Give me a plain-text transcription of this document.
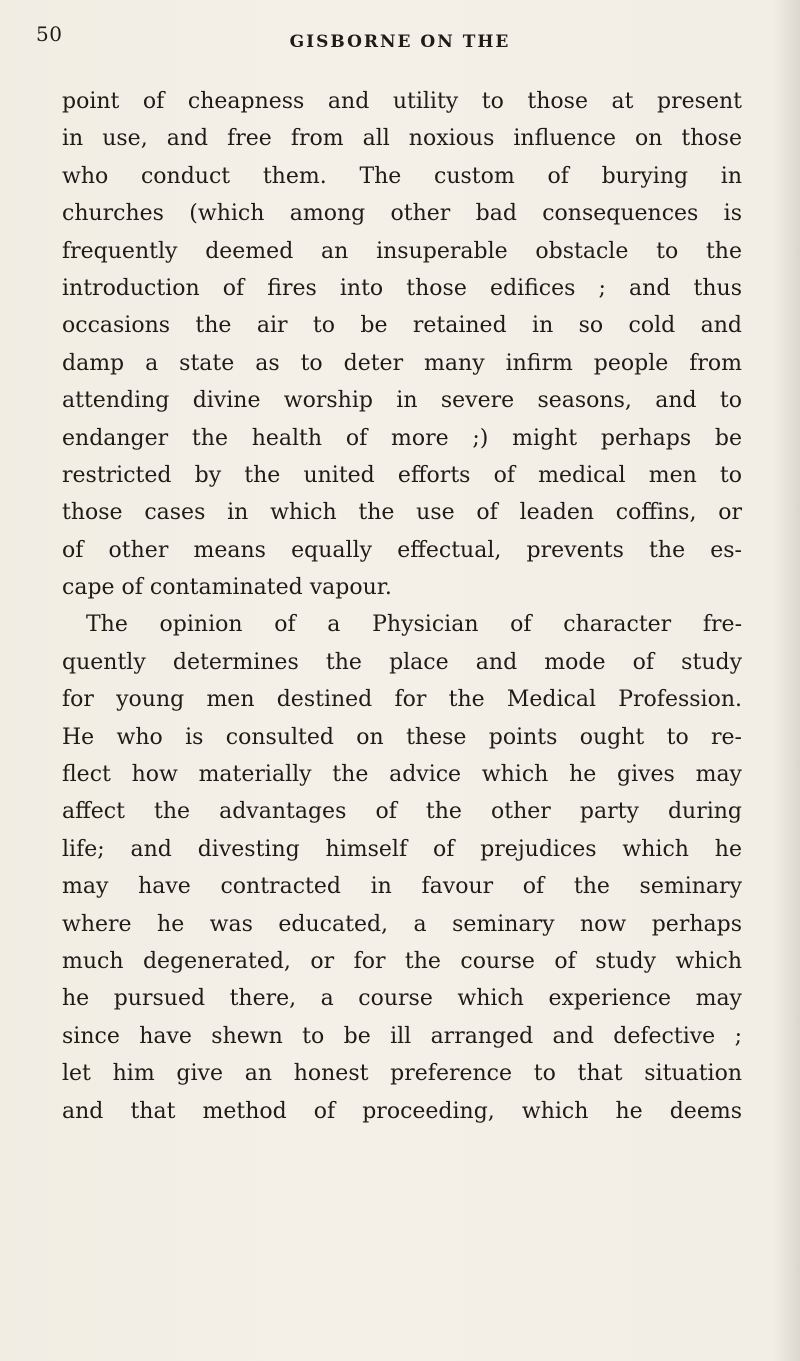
50	GISBORNE ON THE
point of cheapness and utility to those at present
in use, and free from all noxious influence on those
who conduct them. The custom of burying in
churches (which among other bad consequences is
frequently deemed an insuperable obstacle to the
introduction of fires into those edifices ; and thus
occasions the air to be retained in so cold and
damp a state as to deter many infirm people from
attending divine worship in severe seasons, and to
endanger the health of more ;) might perhaps be
restricted by the united efforts of medical men to
those cases in which the use of leaden coffins, or
of other means equally effectual, prevents the es-
cape of contaminated vapour.
The opinion of a Physician of character fre-
quently determines the place and mode of study
for young men destined for the Medical Profession.
He who is consulted on these points ought to re-
flect how materially the advice which he gives may
affect the advantages of the other party during
life; and divesting himself of prejudices which he
may have contracted in favour of the seminary
where he was educated, a seminary now perhaps
much degenerated, or for the course of study which
he pursued there, a course which experience may
since have shewn to be ill arranged and defective ;
let him give an honest preference to that situation
and that method of proceeding, which he deems
